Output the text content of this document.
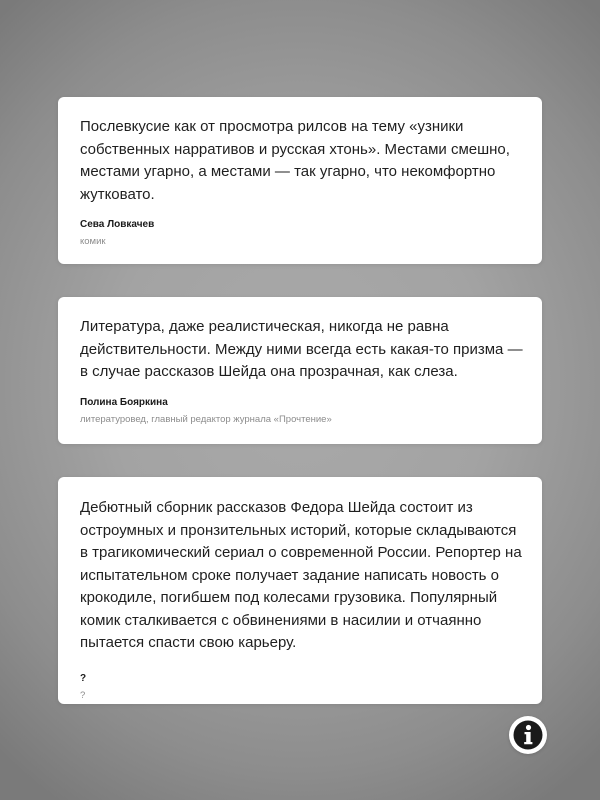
Послевкусие как от просмотра рилсов на тему «узники собственных нарративов и русская хтонь». Местами смешно, местами угарно, а местами — так угарно, что некомфортно жутковато.

Сева Ловкачев

комик

Литература, даже реалистическая, никогда не равна действительности. Между ними всегда есть какая-то призма — в случае рассказов Шейда она прозрачная, как слеза.

Полина Бояркина

литературовед, главный редактор журнала «Прочтение»

Дебютный сборник рассказов Федора Шейда состоит из остроумных и пронзительных историй, которые складываются в трагикомический сериал о современной России. Репортер на испытательном сроке получает задание написать новость о крокодиле, погибшем под колесами грузовика. Популярный комик сталкивается с обвинениями в насилии и отчаянно пытается спасти свою карьеру.

?

?
